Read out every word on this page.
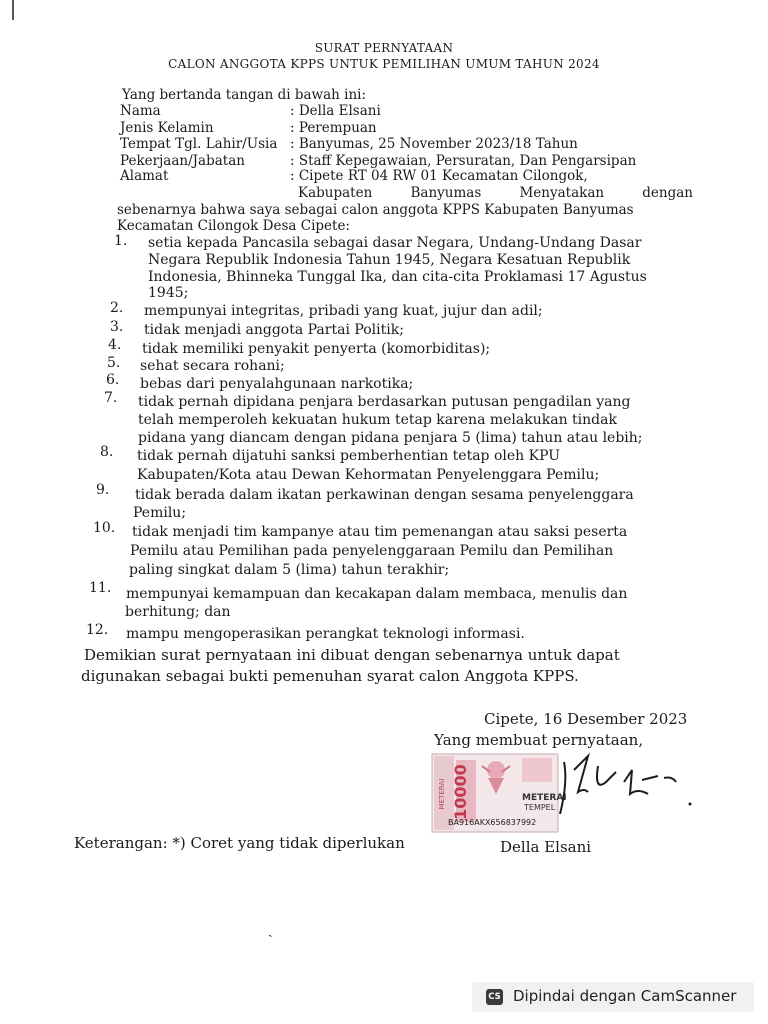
SURAT PERNYATAAN
CALON ANGGOTA KPPS UNTUK PEMILIHAN UMUM TAHUN 2024
Yang bertanda tangan di bawah ini:
Nama	: Della Elsani
Jenis Kelamin	: Perempuan
Tempat Tgl. Lahir/Usia : Banyumas, 25 November 2023/18 Tahun
Pekerjaan/Jabatan	: Staff Kepegawaian, Persuratan, Dan Pengarsipan
Alamat	: Cipete RT 04 RW 01 Kecamatan Cilongok,
Kabupaten Banyumas Menyatakan dengan
sebenarnya bahwa saya sebagai calon anggota KPPS Kabupaten Banyumas
Kecamatan Cilongok Desa Cipete:
1. setia kepada Pancasila sebagai dasar Negara, Undang-Undang Dasar
Negara Republik Indonesia Tahun 1945, Negara Kesatuan Republik
Indonesia, Bhinneka Tunggal Ika, dan cita-cita Proklamasi 17 Agustus
1945;
2. mempunyai integritas, pribadi yang kuat, jujur dan adil;
3. tidak menjadi anggota Partai Politik;
4. tidak memiliki penyakit penyerta (komorbiditas);
5. sehat secara rohani;
6. bebas dari penyalahgunaan narkotika;
7. tidak pernah dipidana penjara berdasarkan putusan pengadilan yang
telah memperoleh kekuatan hukum tetap karena melakukan tindak
pidana yang diancam dengan pidana penjara 5 (lima) tahun atau lebih;
8. tidak pernah dijatuhi sanksi pemberhentian tetap oleh KPU
Kabupaten/Kota atau Dewan Kehormatan Penyelenggara Pemilu;
9. tidak berada dalam ikatan perkawinan dengan sesama penyelenggara
Pemilu;
10. tidak menjadi tim kampanye atau tim pemenangan atau saksi peserta
Pemilu atau Pemilihan pada penyelenggaraan Pemilu dan Pemilihan
paling singkat dalam 5 (lima) tahun terakhir;
11. mempunyai kemampuan dan kecakapan dalam membaca, menulis dan
berhitung; dan
12. mampu mengoperasikan perangkat teknologi informasi.
Demikian surat pernyataan ini dibuat dengan sebenarnya untuk dapat
digunakan sebagai bukti pemenuhan syarat calon Anggota KPPS.
Cipete, 16 Desember 2023
Yang membuat pernyataan,
METERAI 10000	METERAI
TEMPEL
BA916AKX656837992
Keterangan: *) Coret yang tidak diperlukan	Della Elsani
ˏ
CS Dipindai dengan CamScanner
